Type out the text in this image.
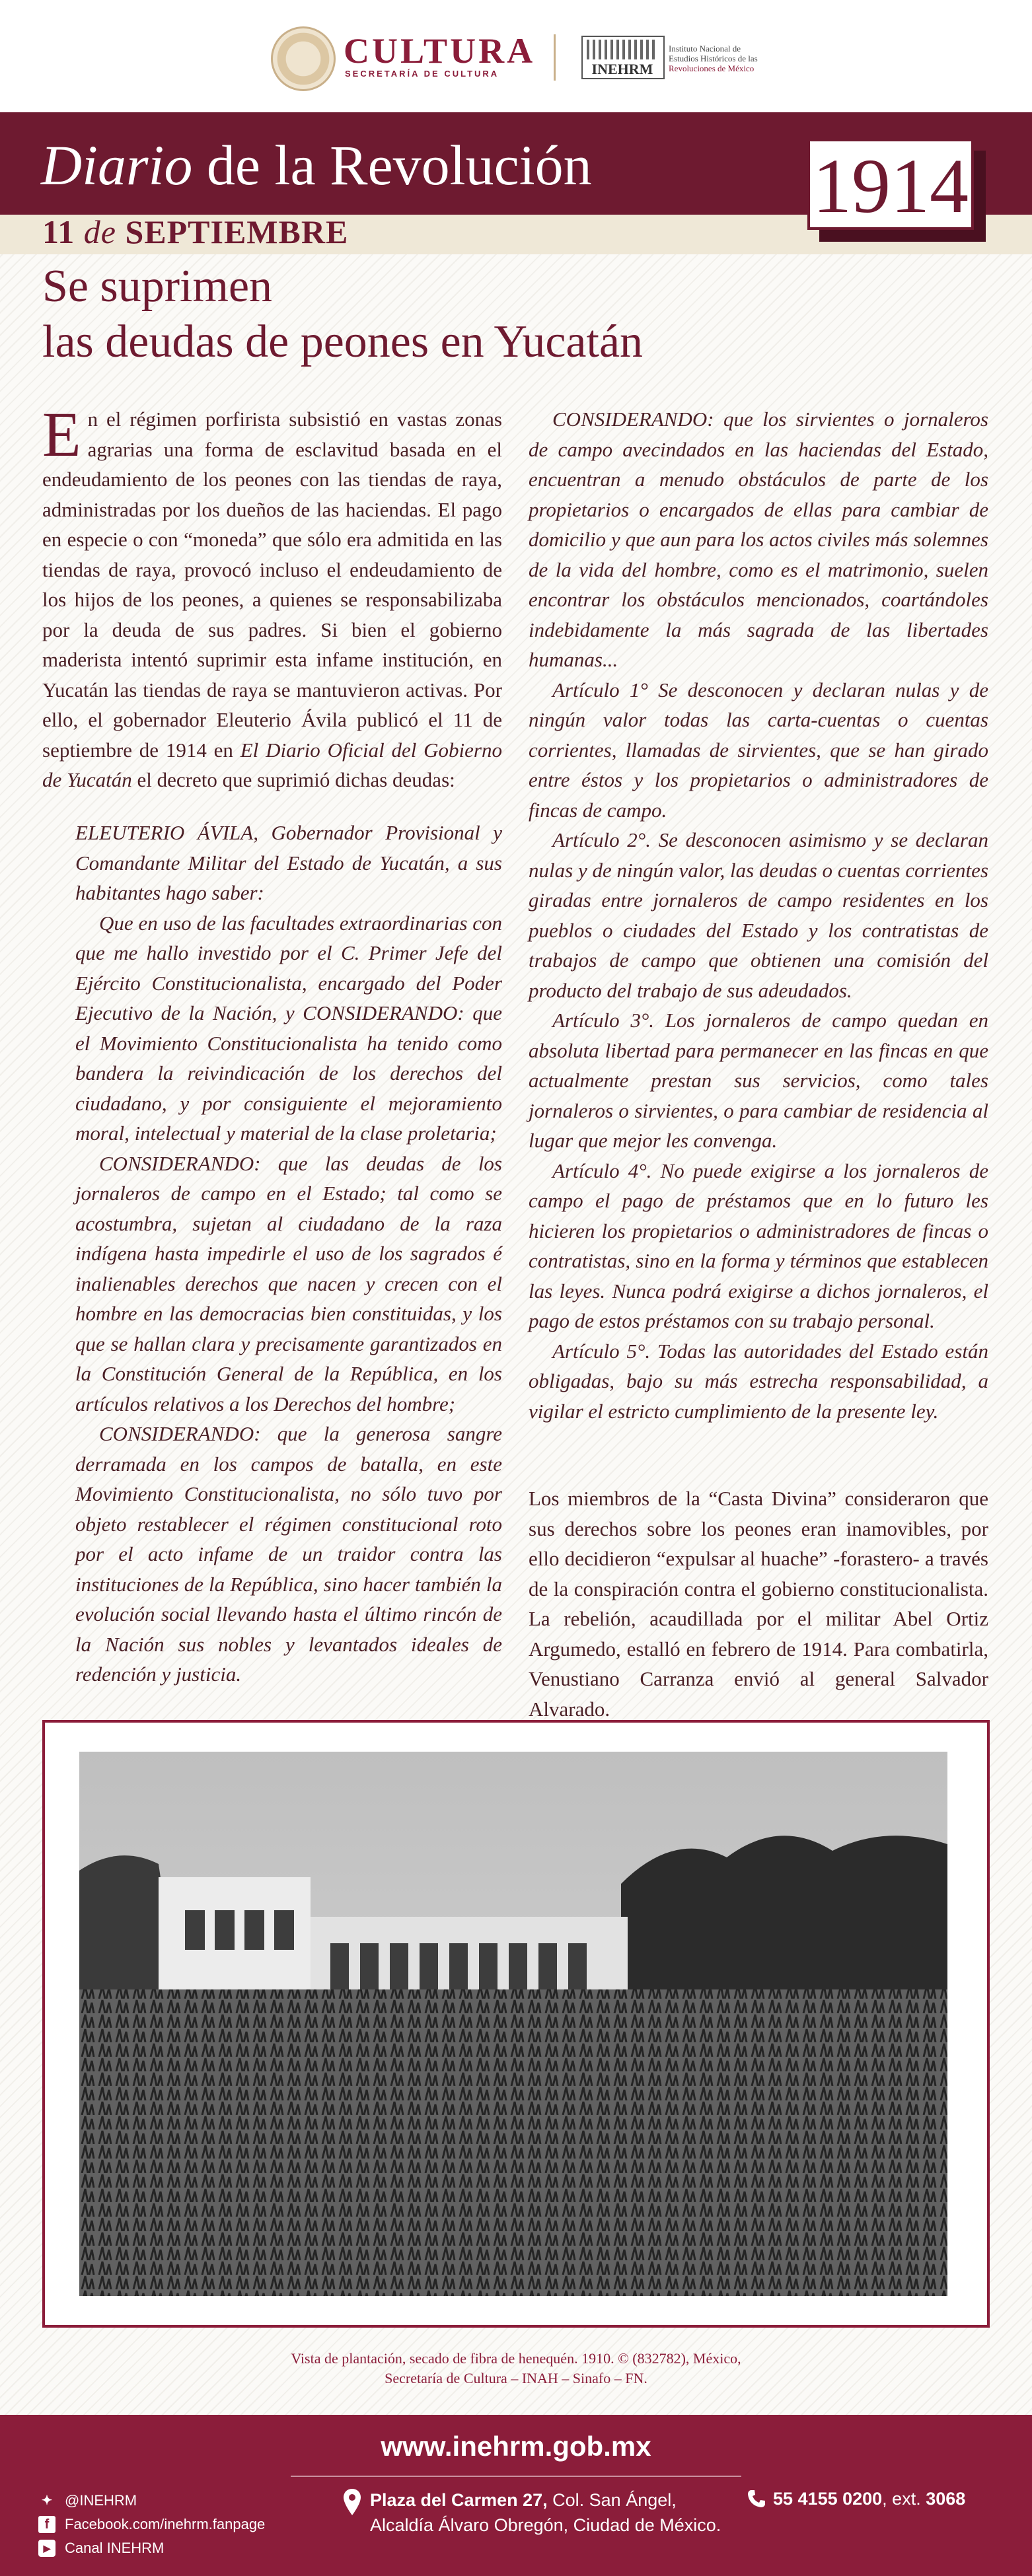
CULTURA
SECRETARÍA DE CULTURA	INEHRM
Instituto Nacional de
Estudios Históricos de las
Revoluciones de México
Diario de la Revolución
11 de SEPTIEMBRE
1914
Se suprimen
las deudas de peones en Yucatán

En el régimen porfirista subsistió en vastas zonas agrarias una forma de esclavitud basada en el endeudamiento de los peones con las tiendas de raya, administradas por los dueños de las haciendas. El pago en especie o con “moneda” que sólo era admitida en las tiendas de raya, provocó incluso el endeudamiento de los hijos de los peones, a quienes se responsabilizaba por la deuda de sus padres. Si bien el gobierno maderista intentó suprimir esta infame institución, en Yucatán las tiendas de raya se mantuvieron activas. Por ello, el gobernador Eleuterio Ávila publicó el 11 de septiembre de 1914 en El Diario Oficial del Gobierno de Yucatán el decreto que suprimió dichas deudas:

ELEUTERIO ÁVILA, Gobernador Provisional y Comandante Militar del Estado de Yucatán, a sus habitantes hago saber:

Que en uso de las facultades extraordinarias con que me hallo investido por el C. Primer Jefe del Ejército Constitucionalista, encargado del Poder Ejecutivo de la Nación, y CONSIDERANDO: que el Movimiento Constitucionalista ha tenido como bandera la reivindicación de los derechos del ciudadano, y por consiguiente el mejoramiento moral, intelectual y material de la clase proletaria;

CONSIDERANDO: que las deudas de los jornaleros de campo en el Estado; tal como se acostumbra, sujetan al ciudadano de la raza indígena hasta impedirle el uso de los sagrados é inalienables derechos que nacen y crecen con el hombre en las democracias bien constituidas, y los que se hallan clara y precisamente garantizados en la Constitución General de la República, en los artículos relativos a los Derechos del hombre;

CONSIDERANDO: que la generosa sangre derramada en los campos de batalla, en este Movimiento Constitucionalista, no sólo tuvo por objeto restablecer el régimen constitucional roto por el acto infame de un traidor contra las instituciones de la República, sino hacer también la evolución social llevando hasta el último rincón de la Nación sus nobles y levantados ideales de redención y justicia.

CONSIDERANDO: que los sirvientes o jornaleros de campo avecindados en las haciendas del Estado, encuentran a menudo obstáculos de parte de los propietarios o encargados de ellas para cambiar de domicilio y que aun para los actos civiles más solemnes de la vida del hombre, como es el matrimonio, suelen encontrar los obstáculos mencionados, coartándoles indebidamente la más sagrada de las libertades humanas...

Artículo 1° Se desconocen y declaran nulas y de ningún valor todas las carta-cuentas o cuentas corrientes, llamadas de sirvientes, que se han girado entre éstos y los propietarios o administradores de fincas de campo.

Artículo 2°. Se desconocen asimismo y se declaran nulas y de ningún valor, las deudas o cuentas corrientes giradas entre jornaleros de campo residentes en los pueblos o ciudades del Estado y los contratistas de trabajos de campo que obtienen una comisión del producto del trabajo de sus adeudados.

Artículo 3°. Los jornaleros de campo quedan en absoluta libertad para permanecer en las fincas en que actualmente prestan sus servicios, como tales jornaleros o sirvientes, o para cambiar de residencia al lugar que mejor les convenga.

Artículo 4°. No puede exigirse a los jornaleros de campo el pago de préstamos que en lo futuro les hicieren los propietarios o administradores de fincas o contratistas, sino en la forma y términos que establecen las leyes. Nunca podrá exigirse a dichos jornaleros, el pago de estos préstamos con su trabajo personal.

Artículo 5°. Todas las autoridades del Estado están obligadas, bajo su más estrecha responsabilidad, a vigilar el estricto cumplimiento de la presente ley.

Los miembros de la “Casta Divina” consideraron que sus derechos sobre los peones eran inamovibles, por ello decidieron “expulsar al huache” -forastero- a través de la conspiración contra el gobierno constitucionalista. La rebelión, acaudillada por el militar Abel Ortiz Argumedo, estalló en febrero de 1914. Para combatirla, Venustiano Carranza envió al general Salvador Alvarado.
Vista de plantación, secado de fibra de henequén. 1910. © (832782), México,
Secretaría de Cultura – INAH – Sinafo – FN.
www.inehrm.gob.mx
✦ @INEHRM
f	Facebook.com/inehrm.fanpage
▶ Canal INEHRM
Plaza del Carmen 27, Col. San Ángel,
Alcaldía Álvaro Obregón, Ciudad de México.
55 4155 0200, ext. 3068
